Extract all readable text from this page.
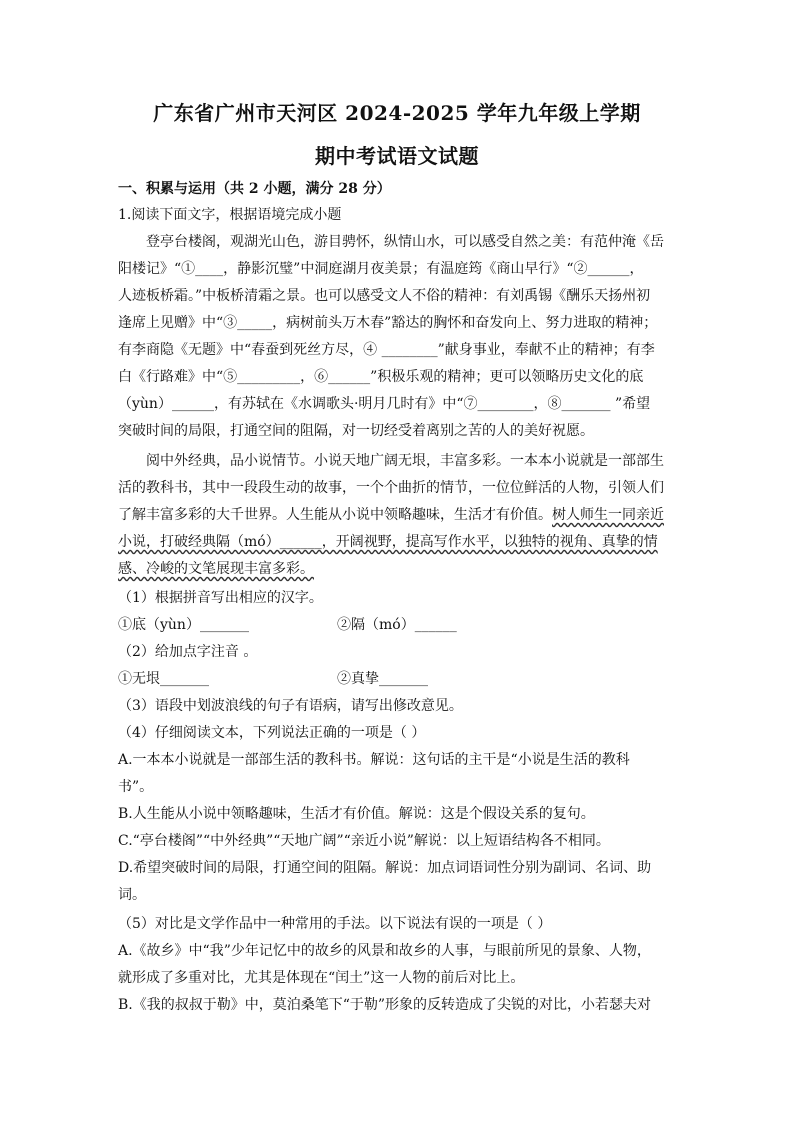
广东省广州市天河区 2024-2025 学年九年级上学期
期中考试语文试题
一、积累与运用（共 2 小题，满分 28 分）
1.阅读下面文字，根据语境完成小题
登亭台楼阁，观湖光山色，游目骋怀，纵情山水，可以感受自然之美：有范仲淹《岳
阳楼记》“①____，静影沉璧”中洞庭湖月夜美景；有温庭筠《商山早行》“②______，
人迹板桥霜。”中板桥清霜之景。也可以感受文人不俗的精神：有刘禹锡《酬乐天扬州初
逢席上见赠》中“③_____，病树前头万木春”豁达的胸怀和奋发向上、努力进取的精神；
有李商隐《无题》中“春蚕到死丝方尽，④ ________”献身事业，奉献不止的精神；有李
白《行路难》中“⑤_________，⑥______”积极乐观的精神；更可以领略历史文化的底
（yùn）______，有苏轼在《水调歌头·明月几时有》中“⑦________，⑧_______ ”希望
突破时间的局限，打通空间的阻隔，对一切经受着离别之苦的人的美好祝愿。
阅中外经典，品小说情节。小说天地广阔无垠，丰富多彩。一本本小说就是一部部生
活的教科书，其中一段段生动的故事，一个个曲折的情节，一位位鲜活的人物，引领人们
了解丰富多彩的大千世界。人生能从小说中领略趣味，生活才有价值。树人师生一同亲近
小说，打破经典隔（mó）______，开阔视野，提高写作水平，以独特的视角、真挚的情
感、冷峻的文笔展现丰富多彩。
（1）根据拼音写出相应的汉字。
①底（yùn）_______	②隔（mó）______
（2）给加点字注音 。
①无垠_______	②真挚_______
（3）语段中划波浪线的句子有语病，请写出修改意见。
（4）仔细阅读文本，下列说法正确的一项是（ ）
A.一本本小说就是一部部生活的教科书。解说：这句话的主干是“小说是生活的教科
书”。
B.人生能从小说中领略趣味，生活才有价值。解说：这是个假设关系的复句。
C.“亭台楼阁”“中外经典”“天地广阔”“亲近小说”解说：以上短语结构各不相同。
D.希望突破时间的局限，打通空间的阻隔。解说：加点词语词性分别为副词、名词、助
词。
（5）对比是文学作品中一种常用的手法。以下说法有误的一项是（ ）
A.《故乡》中“我”少年记忆中的故乡的风景和故乡的人事，与眼前所见的景象、人物，
就形成了多重对比，尤其是体现在“闰土”这一人物的前后对比上。
B.《我的叔叔于勒》中，莫泊桑笔下“于勒”形象的反转造成了尖锐的对比，小若瑟夫对
